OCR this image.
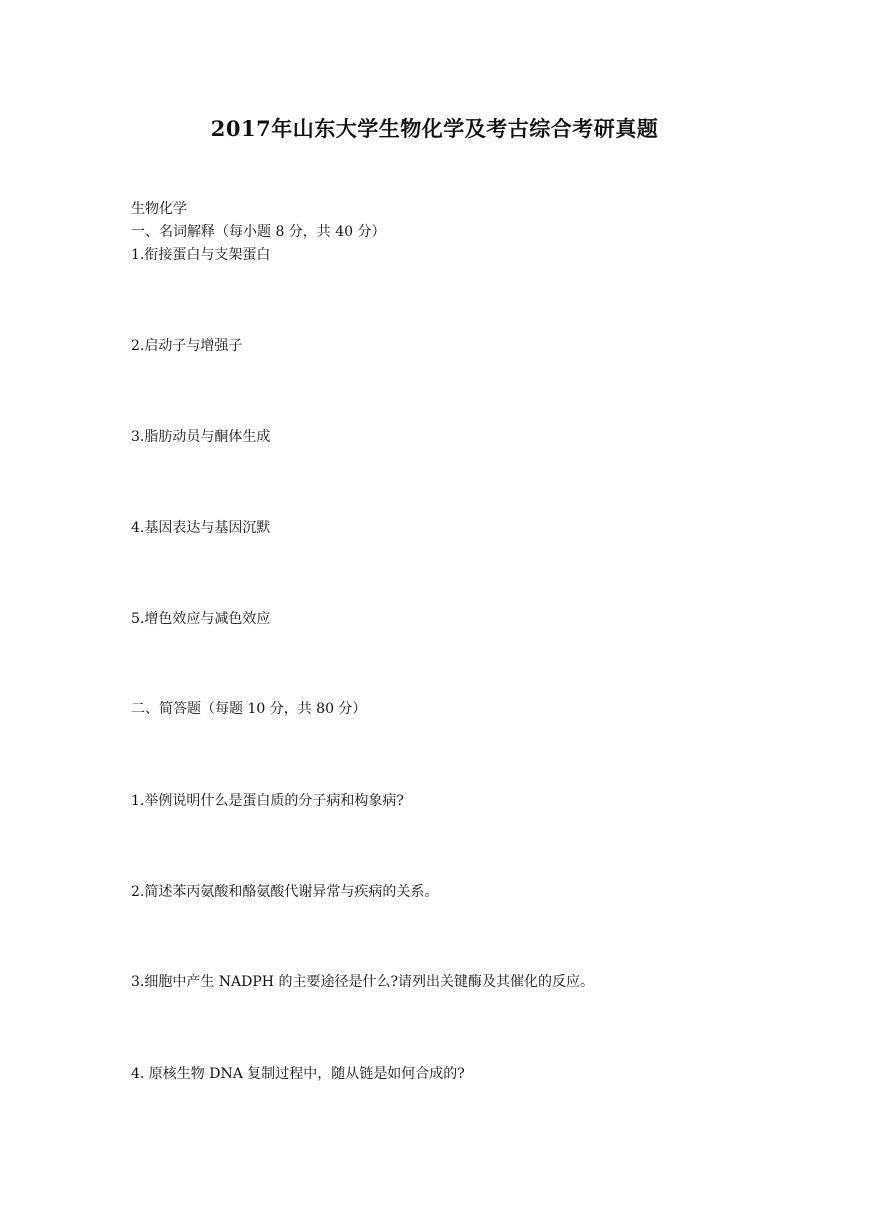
2017年山东大学生物化学及考古综合考研真题
生物化学
一、名词解释（每小题 8 分，共 40 分）
1.衔接蛋白与支架蛋白
2.启动子与增强子
3.脂肪动员与酮体生成
4.基因表达与基因沉默
5.增色效应与减色效应
二、简答题（每题 10 分，共 80 分）
1.举例说明什么是蛋白质的分子病和构象病?
2.简述苯丙氨酸和酪氨酸代谢异常与疾病的关系。
3.细胞中产生 NADPH 的主要途径是什么?请列出关键酶及其催化的反应。
4. 原核生物 DNA 复制过程中，随从链是如何合成的?
